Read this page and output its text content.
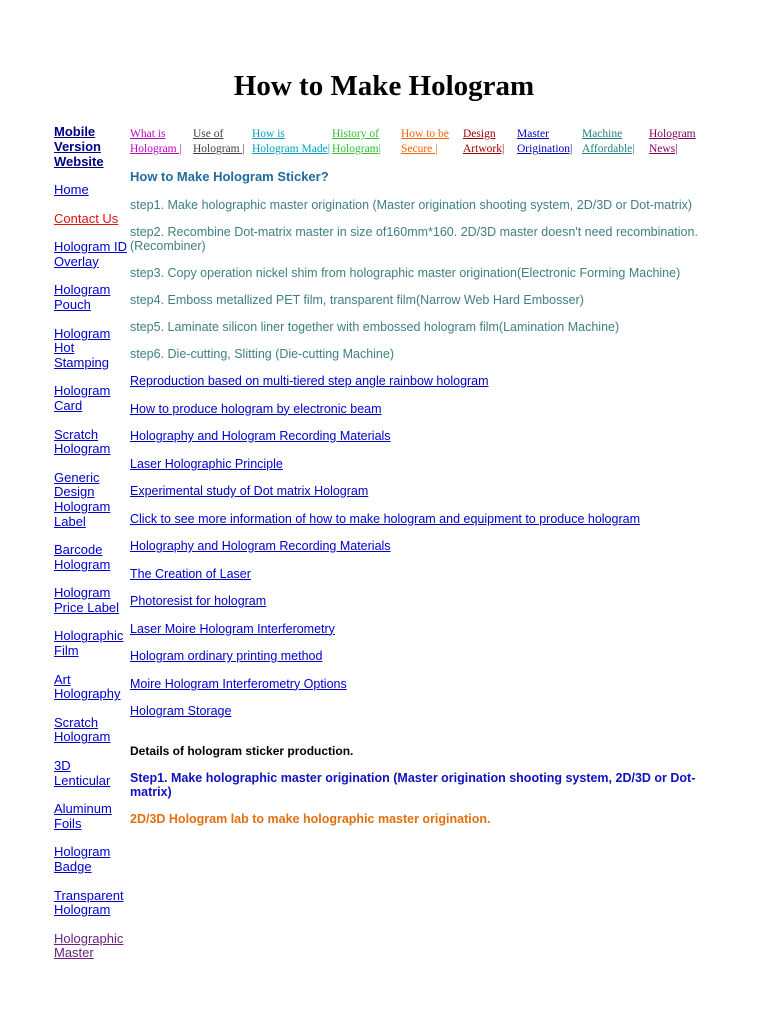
How to Make Hologram
Mobile Version Website
Home
Contact Us
Hologram ID Overlay
Hologram Pouch
Hologram Hot Stamping
Hologram Card
Scratch Hologram
Generic Design Hologram Label
Barcode Hologram
Hologram Price Label
Holographic Film
Art Holography
Scratch Hologram
3D Lenticular
Aluminum Foils
Hologram Badge
Transparent Hologram
Holographic Master
What is
Hologram |
Use of
Hologram |
How is
Hologram Made|
History of
Hologram|
How to be
Secure |
Design
Artwork|
Master
Origination|
Machine
Affordable|
Hologram
News|
How to Make Hologram Sticker?
step1. Make holographic master origination (Master origination shooting system, 2D/3D or Dot-matrix)
step2. Recombine Dot-matrix master in size of160mm*160. 2D/3D master doesn't need recombination. (Recombiner)
step3. Copy operation nickel shim from holographic master origination(Electronic Forming Machine)
step4. Emboss metallized PET film, transparent film(Narrow Web Hard Embosser)
step5. Laminate silicon liner together with embossed hologram film(Lamination Machine)
step6. Die-cutting, Slitting (Die-cutting Machine)
Reproduction based on multi-tiered step angle rainbow hologram
How to produce hologram by electronic beam
Holography and Hologram Recording Materials
Laser Holographic Principle
Experimental study of Dot matrix Hologram
Click to see more information of how to make hologram and equipment to produce hologram
Holography and Hologram Recording Materials
The Creation of Laser
Photoresist for hologram
Laser Moire Hologram Interferometry
Hologram ordinary printing method
Moire Hologram Interferometry Options
Hologram Storage
Details of hologram sticker production.
Step1. Make holographic master origination (Master origination shooting system, 2D/3D or Dot-matrix)
2D/3D Hologram lab to make holographic master origination.
